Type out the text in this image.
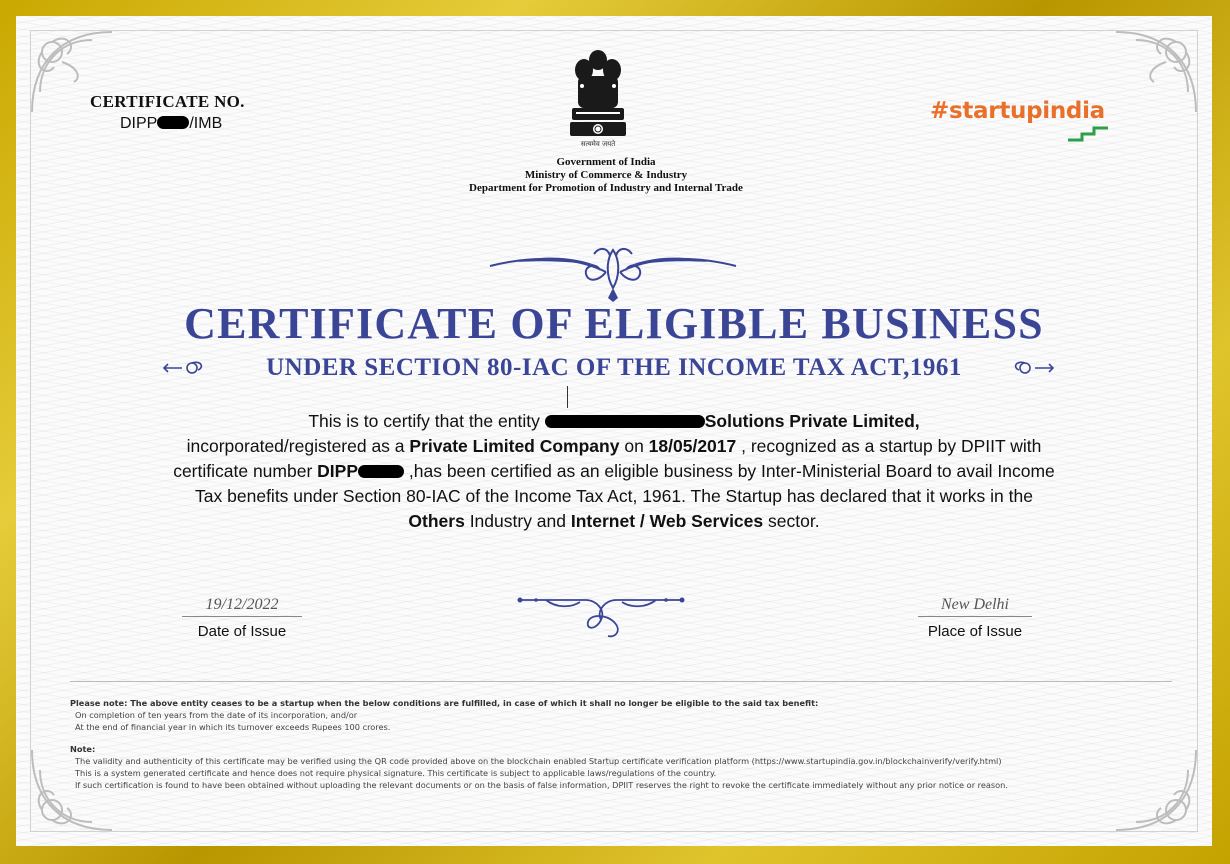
CERTIFICATE NO.
DIPP /IMB
सत्यमेव जयते
Government of India
Ministry of Commerce & Industry
Department for Promotion of Industry and Internal Trade
#startupindia
CERTIFICATE OF ELIGIBLE BUSINESS
UNDER SECTION 80-IAC OF THE INCOME TAX ACT,1961
This is to certify that the entity	Solutions Private Limited,
incorporated/registered as a Private Limited Company on 18/05/2017 , recognized as a startup by DPIIT with certificate number DIPP	,has been certified as an eligible business by Inter-Ministerial Board to avail Income Tax benefits under Section 80-IAC of the Income Tax Act, 1961. The Startup has declared that it works in the Others Industry and Internet / Web Services sector.
19/12/2022
Date of Issue
New Delhi
Place of Issue
Please note: The above entity ceases to be a startup when the below conditions are fulfilled, in case of which it shall no longer be eligible to the said tax benefit:
On completion of ten years from the date of its incorporation, and/or
At the end of financial year in which its turnover exceeds Rupees 100 crores.
Note:
The validity and authenticity of this certificate may be verified using the QR code provided above on the blockchain enabled Startup certificate verification platform (https://www.startupindia.gov.in/blockchainverify/verify.html)
This is a system generated certificate and hence does not require physical signature. This certificate is subject to applicable laws/regulations of the country.
If such certification is found to have been obtained without uploading the relevant documents or on the basis of false information, DPIIT reserves the right to revoke the certificate immediately without any prior notice or reason.
